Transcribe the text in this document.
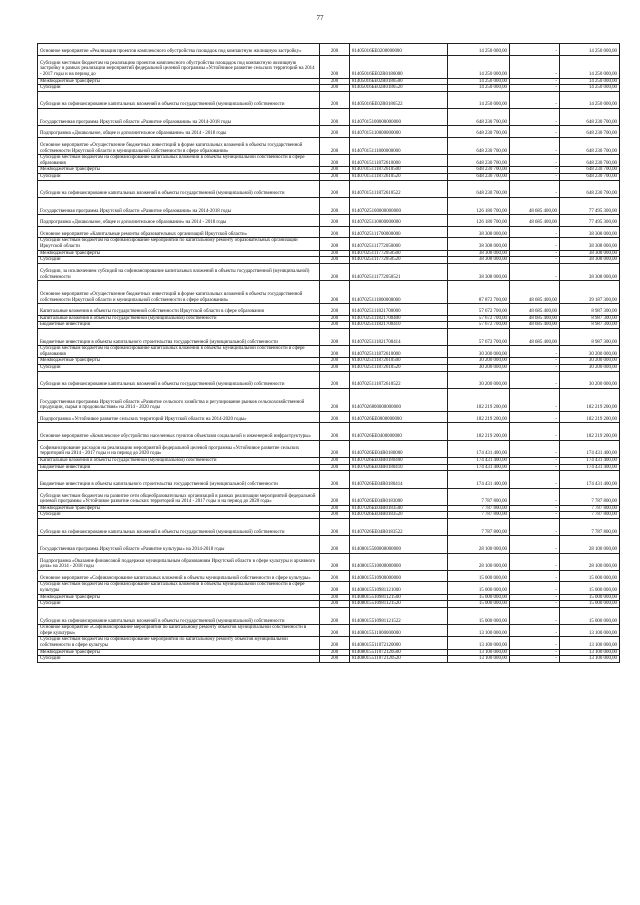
77
Основное мероприятие «Реализация проектов комплексного обустройства площадок под компактную жилищную застройку»	200	81405016БЕ0200000000	14 250 000,00	-	14 250 000,00
Субсидии местным бюджетам на реализацию проектов комплексного обустройства площадок под компактную жилищную застройку в рамках реализации мероприятий федеральной целевой программы «Устойчивое развитие сельских территорий на 2014 - 2017 годы и на период до	200	81405016БЕ02R0186000	14 250 000,00	-	14 250 000,00
Межбюджетные трансферты	200	81405016БЕ02R0186500	14 250 000,00	-	14 250 000,00
Субсидии	200	81405016БЕ02R0186520	14 250 000,00	-	14 250 000,00
Субсидии на софинансирование капитальных вложений в объекты государственной (муниципальной) собственности	200	81405016БЕ02R0186522	14 250 000,00	-	14 250 000,00
Государственная программа Иркутской области «Развитие образования» на 2014-2018 годы	200	81407015100000000000	648 230 700,00	-	648 230 700,00
Подпрограмма «Дошкольное, общее и дополнительное образование» на 2014 - 2018 годы	200	81407015110000000000	648 230 700,00	-	648 230 700,00
Основное мероприятие «Осуществление бюджетных инвестиций в форме капитальных вложений в объекты государственной собственности Иркутской области и муниципальной собственности в сфере образования»	200	81407015111800000000	648 230 700,00	-	648 230 700,00
Субсидии местным бюджетам на софинансирование капитальных вложений в объекты муниципальной собственности в сфере образования	200	81407015111872610000	648 230 700,00	-	648 230 700,00
Межбюджетные трансферты	200	81407015111872610500	648 230 700,00	-	648 230 700,00
Субсидии	200	81407015111872610520	648 230 700,00	-	648 230 700,00
Субсидии на софинансирование капитальных вложений в объекты государственной (муниципальной) собственности	200	81407015111872610522	648 230 700,00	-	648 230 700,00
Государственная программа Иркутской области «Развитие образования» на 2014-2018 годы	200	81407025100000000000	126 180 700,00	48 685 400,00	77 495 300,00
Подпрограмма «Дошкольное, общее и дополнительное образование» на 2014 - 2018 годы	200	81407025110000000000	126 180 700,00	48 685 400,00	77 495 300,00
Основное мероприятие «Капитальные ремонты образовательных организаций Иркутской области»	200	81407025111700000000	38 308 000,00	-	38 308 000,00
Субсидии местным бюджетам на софинансирование мероприятий по капитальному ремонту образовательных организаций Иркутской области	200	81407025111772050000	38 308 000,00	-	38 308 000,00
Межбюджетные трансферты	200	81407025111772050500	38 308 000,00	-	38 308 000,00
Субсидии	200	81407025111772050520	38 308 000,00	-	38 308 000,00
Субсидии, за исключением субсидий на софинансирование капитальных вложений в объекты государственной (муниципальной) собственности	200	81407025111772050521	38 308 000,00	-	38 308 000,00
Основное мероприятие «Осуществление бюджетных инвестиций в форме капитальных вложений в объекты государственной собственности Иркутской области и муниципальной собственности в сфере образования»	200	81407025111800000000	87 872 700,00	48 685 400,00	39 187 300,00
Капитальные вложения в объекты государственной собственности Иркутской области в сфере образования	200	81407025111821700000	57 672 700,00	48 685 400,00	8 987 300,00
Капитальные вложения в объекты государственной (муниципальной) собственности	200	81407025111821700400	57 672 700,00	48 685 400,00	8 987 300,00
Бюджетные инвестиции	200	81407025111821700410	57 672 700,00	48 685 400,00	8 987 300,00
Бюджетные инвестиции в объекты капитального строительства государственной (муниципальной) собственности	200	81407025111821700414	57 672 700,00	48 685 400,00	8 987 300,00
Субсидии местным бюджетам на софинансирование капитальных вложений в объекты муниципальной собственности в сфере образования	200	81407025111872610000	30 200 000,00	-	30 200 000,00
Межбюджетные трансферты	200	81407025111872610500	30 200 000,00	-	30 200 000,00
Субсидии	200	81407025111872610520	30 200 000,00	-	30 200 000,00
Субсидии на софинансирование капитальных вложений в объекты государственной (муниципальной) собственности	200	81407025111872610522	30 200 000,00	-	30 200 000,00
Государственная программа Иркутской области «Развитие сельского хозяйства и регулирование рынков сельскохозяйственной продукции, сырья и продовольствия» на 2014 - 2020 годы	200	81407026800000000000	182 219 200,00	-	182 219 200,00
Подпрограмма «Устойчивое развитие сельских территорий Иркутской области на 2014-2020 годы»	200	81407026БЕ0000000000	182 219 200,00	-	182 219 200,00
Основное мероприятие «Комплексное обустройство населенных пунктов объектами социальной и инженерной инфраструктуры»	200	81407026БЕ0400000000	182 219 200,00	-	182 219 200,00
Софинансирование расходов на реализацию мероприятий федеральной целевой программы «Устойчивое развитие сельских территорий на 2014 - 2017 годы и на период до 2020 года»	200	81407026БЕ04R0180000	174 431 400,00	-	174 431 400,00
Капитальные вложения в объекты государственной (муниципальной) собственности	200	81407026БЕ04R0180400	174 431 400,00	-	174 431 400,00
Бюджетные инвестиции	200	81407026БЕ04R0180410	174 431 400,00	-	174 431 400,00
Бюджетные инвестиции в объекты капитального строительства государственной (муниципальной) собственности	200	81407026БЕ04R0180414	174 431 400,00	-	174 431 400,00
Субсидии местным бюджетам на развитие сети общеобразовательных организаций в рамках реализации мероприятий федеральной целевой программы «Устойчивое развитие сельских территорий на 2014 - 2017 годы и на период до 2020 года»	200	81407026БЕ04R0183000	7 787 800,00	-	7 787 800,00
Межбюджетные трансферты	200	81407026БЕ04R0183500	7 787 800,00	-	7 787 800,00
Субсидии	200	81407026БЕ04R0183520	7 787 800,00	-	7 787 800,00
Субсидии на софинансирование капитальных вложений в объекты государственной (муниципальной) собственности	200	81407026БЕ04R0183522	7 787 800,00	-	7 787 800,00
Государственная программа Иркутской области «Развитие культуры» на 2014-2018 годы	200	81408015500000000000	28 100 000,00	-	28 100 000,00
Подпрограмма «Оказание финансовой поддержки муниципальным образованиям Иркутской области в сфере культуры и архивного дела» на 2014 - 2018 годы	200	81408015510000000000	28 100 000,00	-	28 100 000,00
Основное мероприятие «Софинансирование капитальных вложений в объекты муниципальной собственности в сфере культуры»	200	81408015510900000000	15 000 000,00	-	15 000 000,00
Субсидии местным бюджетам на софинансирование капитальных вложений в объекты муниципальной собственности в сфере культуры	200	81408015510981121000	15 000 000,00	-	15 000 000,00
Межбюджетные трансферты	200	81408015510981121500	15 000 000,00	-	15 000 000,00
Субсидии	200	81408015510981121520	15 000 000,00	-	15 000 000,00
Субсидии на софинансирование капитальных вложений в объекты государственной (муниципальной) собственности	200	81408015510981121522	15 000 000,00	-	15 000 000,00
Основное мероприятие «Софинансирование мероприятий по капитальному ремонту объектов муниципальной собственности в сфере культуры»	200	81408015511000000000	13 100 000,00	-	13 100 000,00
Субсидии местным бюджетам на софинансирование мероприятий по капитальному ремонту объектов муниципальной собственности в сфере культуры	200	81408015511072120000	13 100 000,00	-	13 100 000,00
Межбюджетные трансферты	200	81408015511072120500	13 100 000,00	-	13 100 000,00
Субсидии	200	81408015511072120520	13 100 000,00	-	13 100 000,00
